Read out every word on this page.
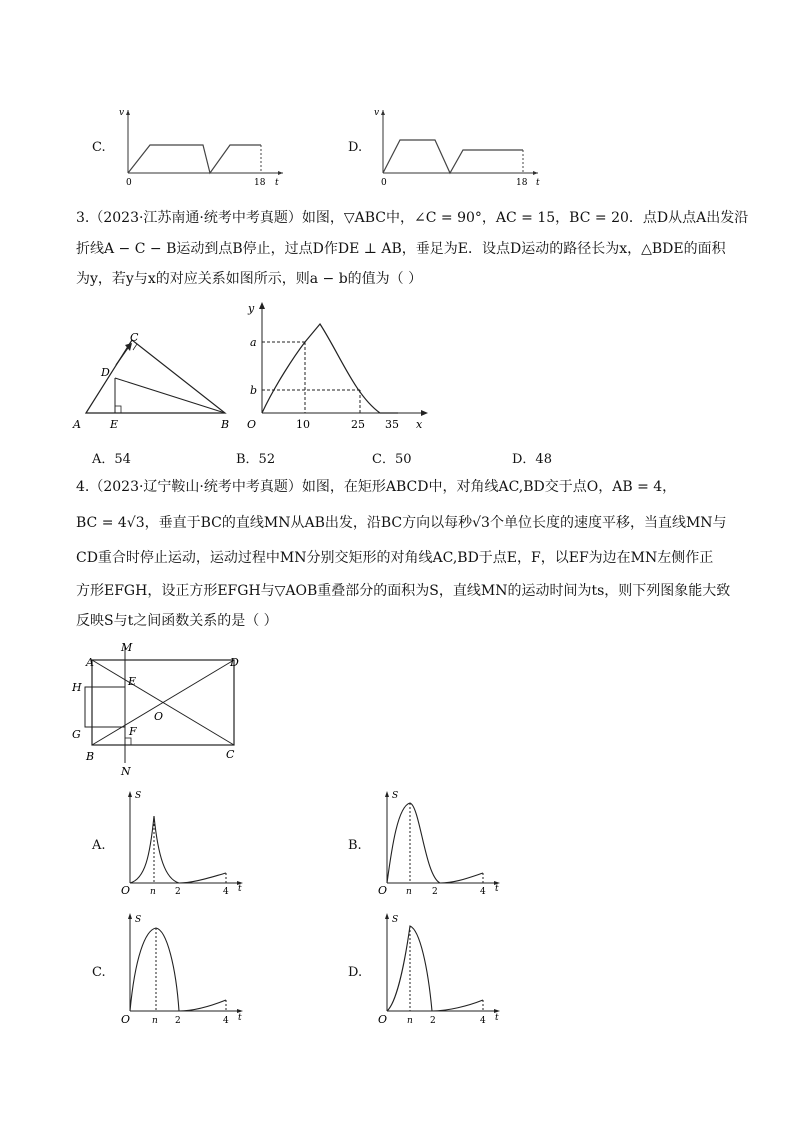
C.
v
0	18 t
D.
v
0	18 t
3.（2023·江苏南通·统考中考真题）如图，▽ABC中，∠C = 90°，AC = 15，BC = 20．点D从点A出发沿
折线A − C − B运动到点B停止，过点D作DE ⊥ AB，垂足为E．设点D运动的路径长为x，△BDE的面积
为y，若y与x的对应关系如图所示，则a − b的值为（ ）
A	E	B
C
D
y
a
b
O	10	25 35 x
A．54	B．52	C．50	D．48
4.（2023·辽宁鞍山·统考中考真题）如图，在矩形ABCD中，对角线AC,BD交于点O，AB = 4，
BC = 4√3，垂直于BC的直线MN从AB出发，沿BC方向以每秒√3个单位长度的速度平移，当直线MN与
CD重合时停止运动，运动过程中MN分别交矩形的对角线AC,BD于点E，F，以EF为边在MN左侧作正
方形EFGH，设正方形EFGH与▽AOB重叠部分的面积为S，直线MN的运动时间为ts，则下列图象能大致
反映S与t之间函数关系的是（ ）
A	D
B	C
H
G
E
F
O
M
N
A.
S
O n 2	4 t
B.
S
O n 2	4 t
C.
S
O n 2	4 t
D.
S
O n 2	4 t
